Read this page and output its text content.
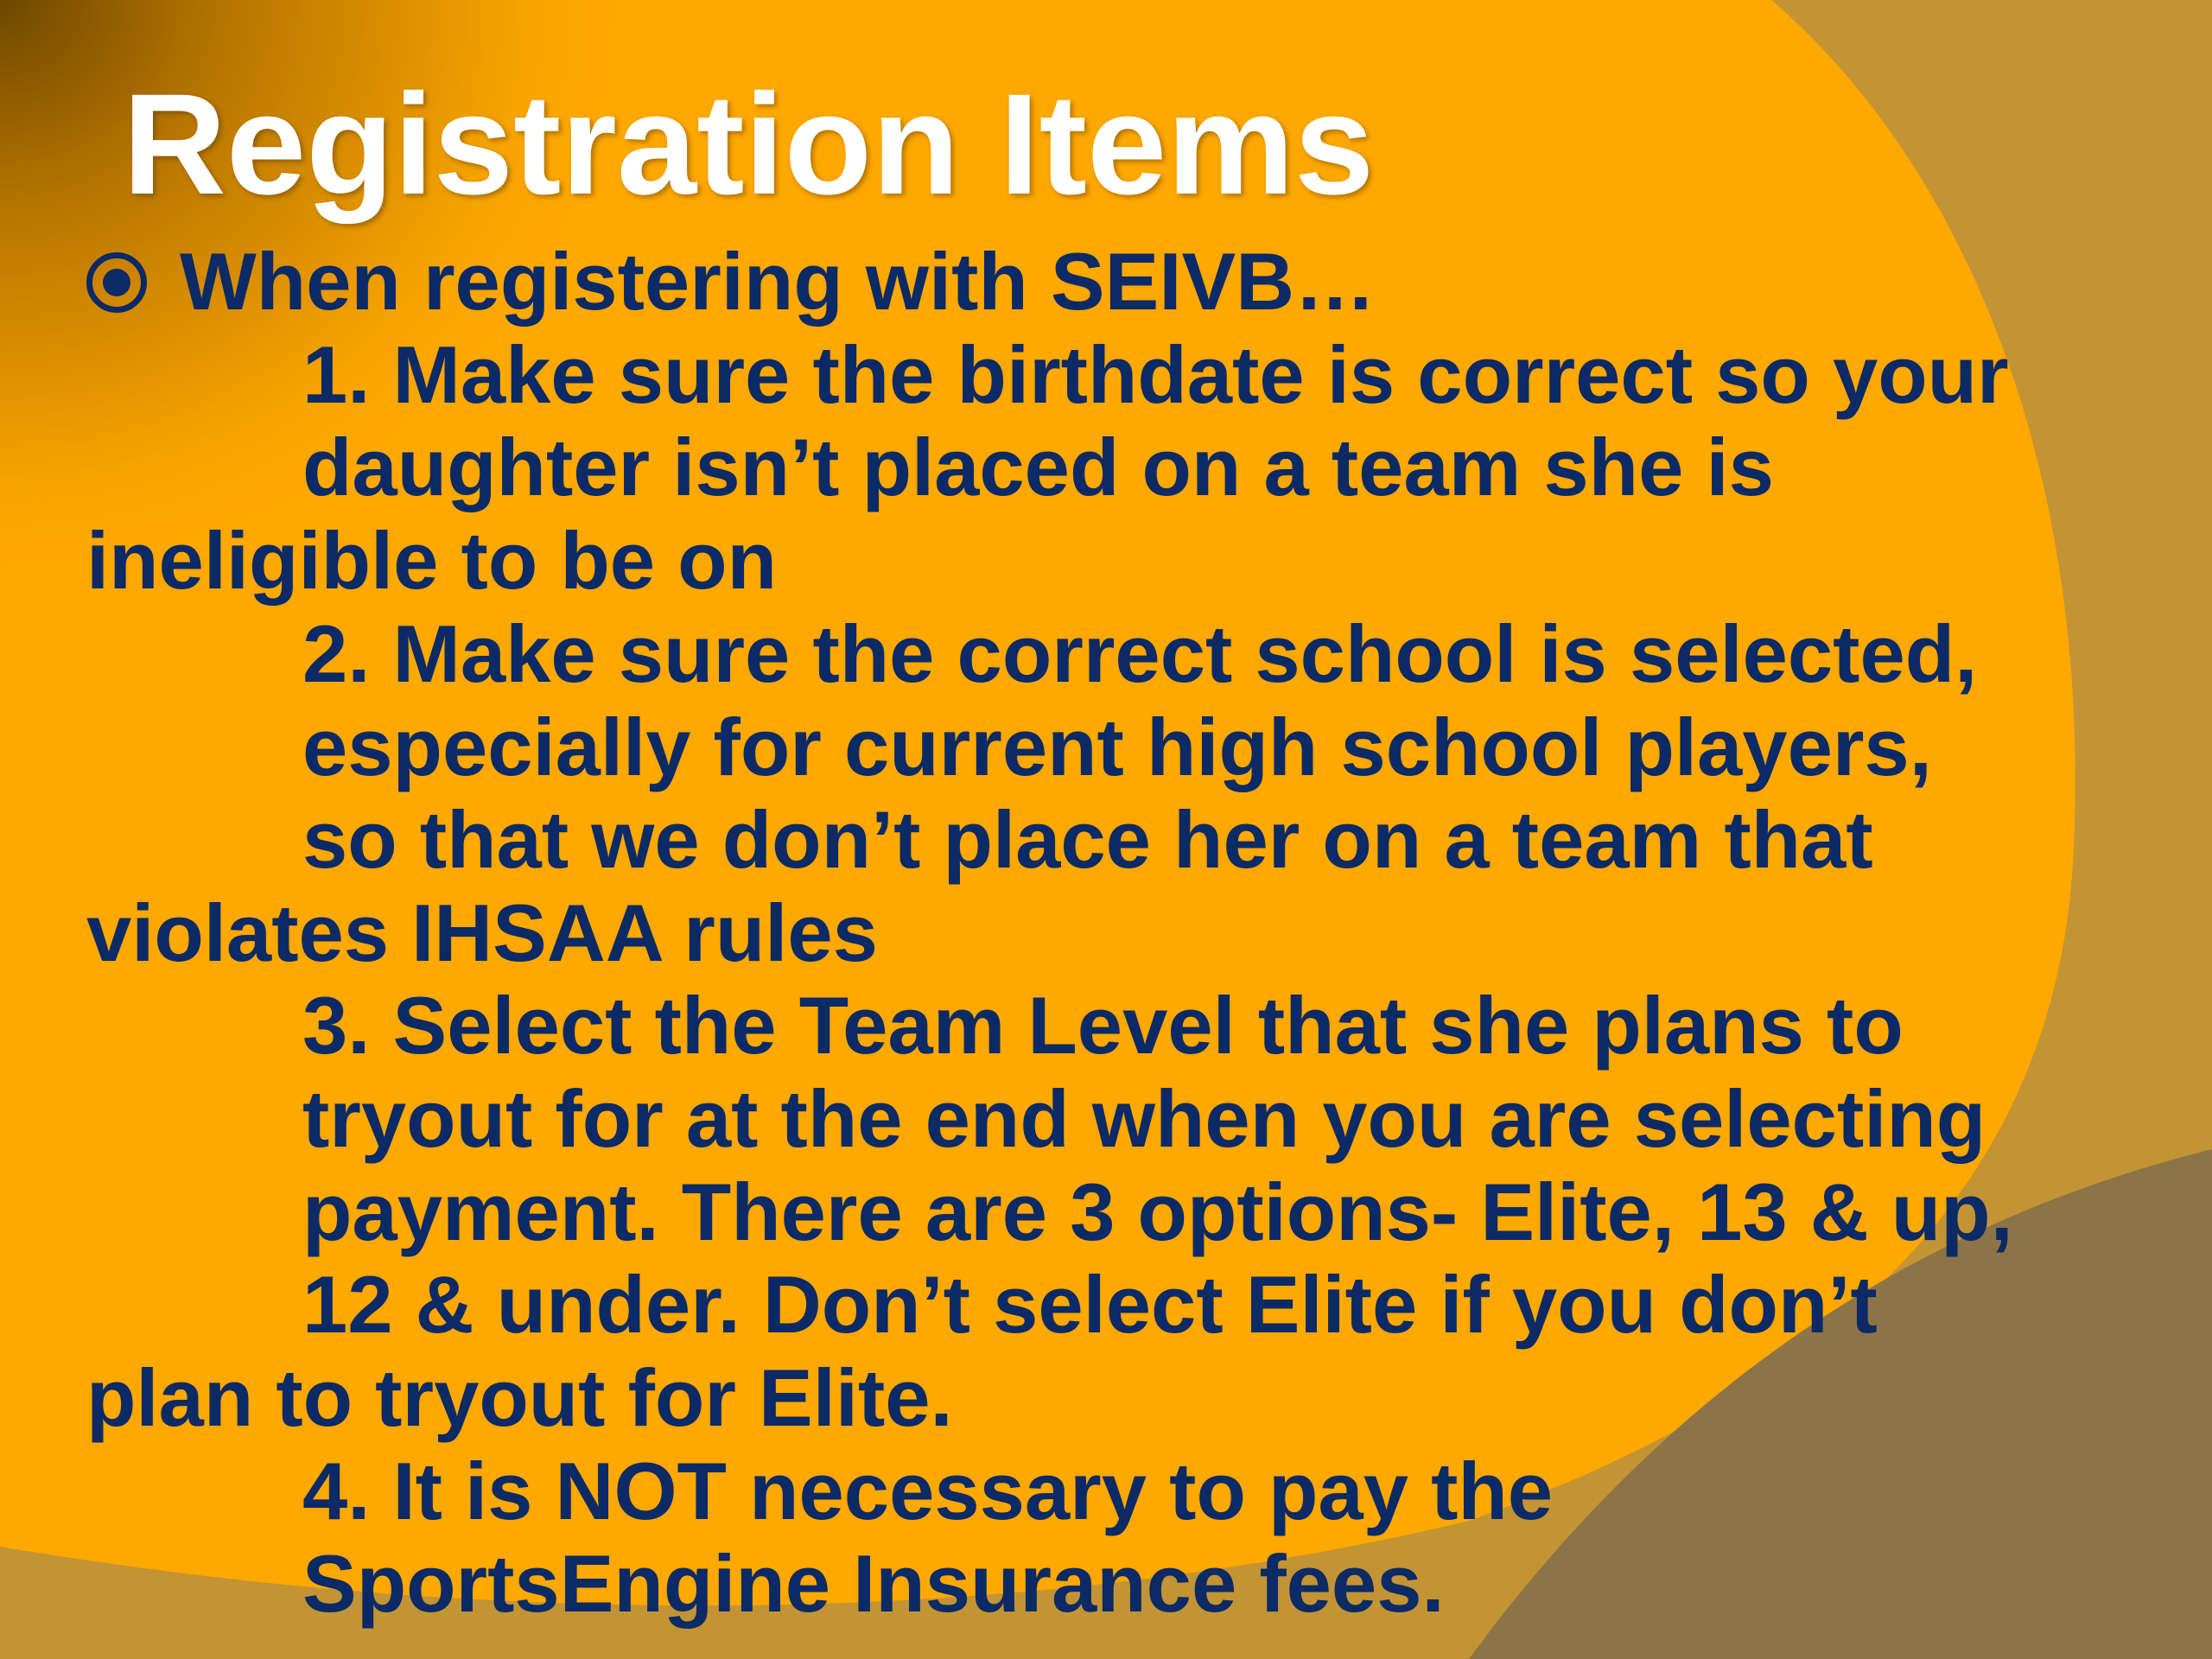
Registration Items
When registering with SEIVB…
1. Make sure the birthdate is correct so your
daughter isn’t placed on a team she is
ineligible to be on
2. Make sure the correct school is selected,
especially for current high school players,
so that we don’t place her on a team that
violates IHSAA rules
3. Select the Team Level that she plans to
tryout for at the end when you are selecting
payment. There are 3 options- Elite, 13 & up,
12 & under. Don’t select Elite if you don’t
plan to tryout for Elite.
4. It is NOT necessary to pay the
SportsEngine Insurance fees.
